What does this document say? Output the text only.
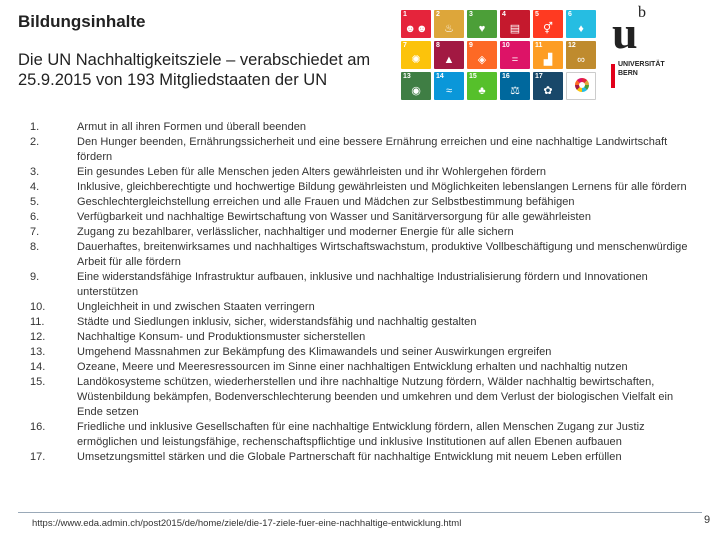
Bildungsinhalte
Die UN Nachhaltigkeitsziele – verabschiedet am 25.9.2015 von 193 Mitgliedstaaten der UN
1
☻☻
2
♨
3
♥
4
▤
5
⚥
6
♦
7
✺
8
▲
9
◈
10
=
11
▟
12
∞
13
◉
14
≈
15
♣
16
⚖
17
✿
u b
UNIVERSITÄT
BERN
1.	Armut in all ihren Formen und überall beenden
2.	Den Hunger beenden, Ernährungssicherheit und eine bessere Ernährung erreichen und eine nachhaltige Landwirtschaft fördern
3.	Ein gesundes Leben für alle Menschen jeden Alters gewährleisten und ihr Wohlergehen fördern
4.	Inklusive, gleichberechtigte und hochwertige Bildung gewährleisten und Möglichkeiten lebenslangen Lernens für alle fördern
5.	Geschlechtergleichstellung erreichen und alle Frauen und Mädchen zur Selbstbestimmung befähigen
6.	Verfügbarkeit und nachhaltige Bewirtschaftung von Wasser und Sanitärversorgung für alle gewährleisten
7.	Zugang zu bezahlbarer, verlässlicher, nachhaltiger und moderner Energie für alle sichern
8.	Dauerhaftes, breitenwirksames und nachhaltiges Wirtschaftswachstum, produktive Vollbeschäftigung und menschenwürdige Arbeit für alle fördern
9.	Eine widerstandsfähige Infrastruktur aufbauen, inklusive und nachhaltige Industrialisierung fördern und Innovationen unterstützen
10.	Ungleichheit in und zwischen Staaten verringern
11.	Städte und Siedlungen inklusiv, sicher, widerstandsfähig und nachhaltig gestalten
12.	Nachhaltige Konsum- und Produktionsmuster sicherstellen
13.	Umgehend Massnahmen zur Bekämpfung des Klimawandels und seiner Auswirkungen ergreifen
14.	Ozeane, Meere und Meeresressourcen im Sinne einer nachhaltigen Entwicklung erhalten und nachhaltig nutzen
15.	Landökosysteme schützen, wiederherstellen und ihre nachhaltige Nutzung fördern, Wälder nachhaltig bewirtschaften, Wüstenbildung bekämpfen, Bodenverschlechterung beenden und umkehren und dem Verlust der biologischen Vielfalt ein Ende setzen
16.	Friedliche und inklusive Gesellschaften für eine nachhaltige Entwicklung fördern, allen Menschen Zugang zur Justiz ermöglichen und leistungsfähige, rechenschaftspflichtige und inklusive Institutionen auf allen Ebenen aufbauen
17.	Umsetzungsmittel stärken und die Globale Partnerschaft für nachhaltige Entwicklung mit neuem Leben erfüllen
https://www.eda.admin.ch/post2015/de/home/ziele/die-17-ziele-fuer-eine-nachhaltige-entwicklung.html	9
